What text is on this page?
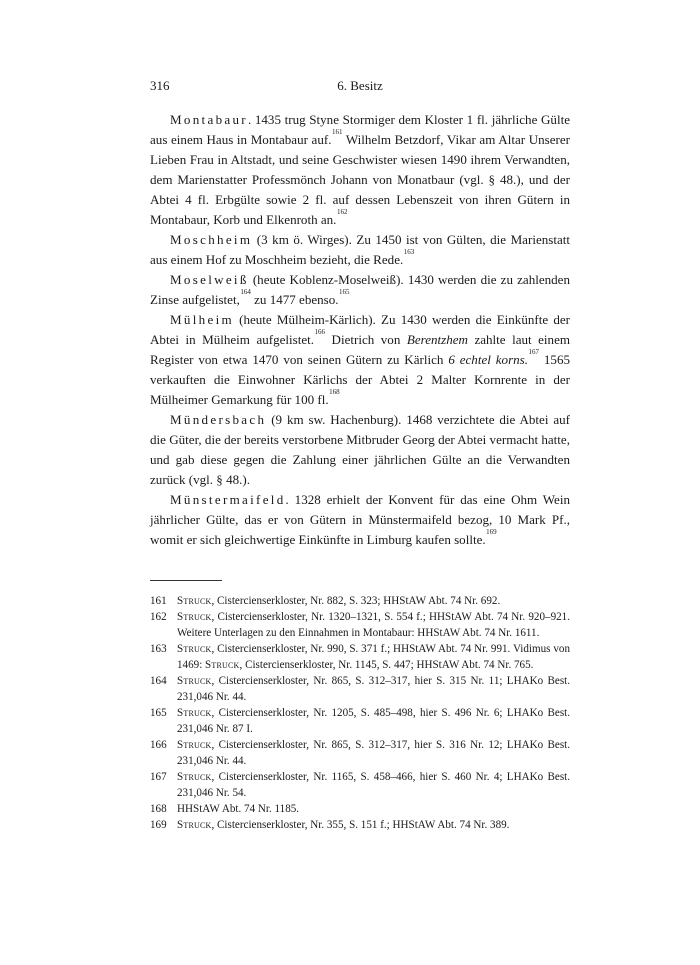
316	6. Besitz

Montabaur. 1435 trug Styne Stormiger dem Kloster 1 fl. jährliche Gülte aus einem Haus in Montabaur auf.$^{161}$ Wilhelm Betzdorf, Vikar am Altar Unserer Lieben Frau in Altstadt, und seine Geschwister wiesen 1490 ihrem Verwandten, dem Marienstatter Professmönch Johann von Monatbaur (vgl. § 48.), und der Abtei 4 fl. Erbgülte sowie 2 fl. auf dessen Lebenszeit von ihren Gütern in Montabaur, Korb und Elkenroth an.$^{162}$

Moschheim (3 km ö. Wirges). Zu 1450 ist von Gülten, die Marienstatt aus einem Hof zu Moschheim bezieht, die Rede.$^{163}$

Moselweiß (heute Koblenz-Moselweiß). 1430 werden die zu zahlenden Zinse aufgelistet,$^{164}$ zu 1477 ebenso.$^{165}$

Mülheim (heute Mülheim-Kärlich). Zu 1430 werden die Einkünfte der Abtei in Mülheim aufgelistet.$^{166}$ Dietrich von Berentzhem zahlte laut einem Register von etwa 1470 von seinen Gütern zu Kärlich 6 echtel korns.$^{167}$ 1565 verkauften die Einwohner Kärlichs der Abtei 2 Malter Kornrente in der Mülheimer Gemarkung für 100 fl.$^{168}$

Mündersbach (9 km sw. Hachenburg). 1468 verzichtete die Abtei auf die Güter, die der bereits verstorbene Mitbruder Georg der Abtei vermacht hatte, und gab diese gegen die Zahlung einer jährlichen Gülte an die Verwandten zurück (vgl. § 48.).

Münstermaifeld. 1328 erhielt der Konvent für das eine Ohm Wein jährlicher Gülte, das er von Gütern in Münstermaifeld bezog, 10 Mark Pf., womit er sich gleichwertige Einkünfte in Limburg kaufen sollte.$^{169}$

161 Struck, Cistercienserkloster, Nr. 882, S. 323; HHStAW Abt. 74 Nr. 692.
162 Struck, Cistercienserkloster, Nr. 1320–1321, S. 554 f.; HHStAW Abt. 74 Nr. 920–921. Weitere Unterlagen zu den Einnahmen in Montabaur: HHStAW Abt. 74 Nr. 1611.
163 Struck, Cistercienserkloster, Nr. 990, S. 371 f.; HHStAW Abt. 74 Nr. 991. Vidimus von 1469: Struck, Cistercienserkloster, Nr. 1145, S. 447; HHStAW Abt. 74 Nr. 765.
164 Struck, Cistercienserkloster, Nr. 865, S. 312–317, hier S. 315 Nr. 11; LHAKo Best. 231,046 Nr. 44.
165 Struck, Cistercienserkloster, Nr. 1205, S. 485–498, hier S. 496 Nr. 6; LHAKo Best. 231,046 Nr. 87 I.
166 Struck, Cistercienserkloster, Nr. 865, S. 312–317, hier S. 316 Nr. 12; LHAKo Best. 231,046 Nr. 44.
167 Struck, Cistercienserkloster, Nr. 1165, S. 458–466, hier S. 460 Nr. 4; LHAKo Best. 231,046 Nr. 54.
168 HHStAW Abt. 74 Nr. 1185.
169 Struck, Cistercienserkloster, Nr. 355, S. 151 f.; HHStAW Abt. 74 Nr. 389.
